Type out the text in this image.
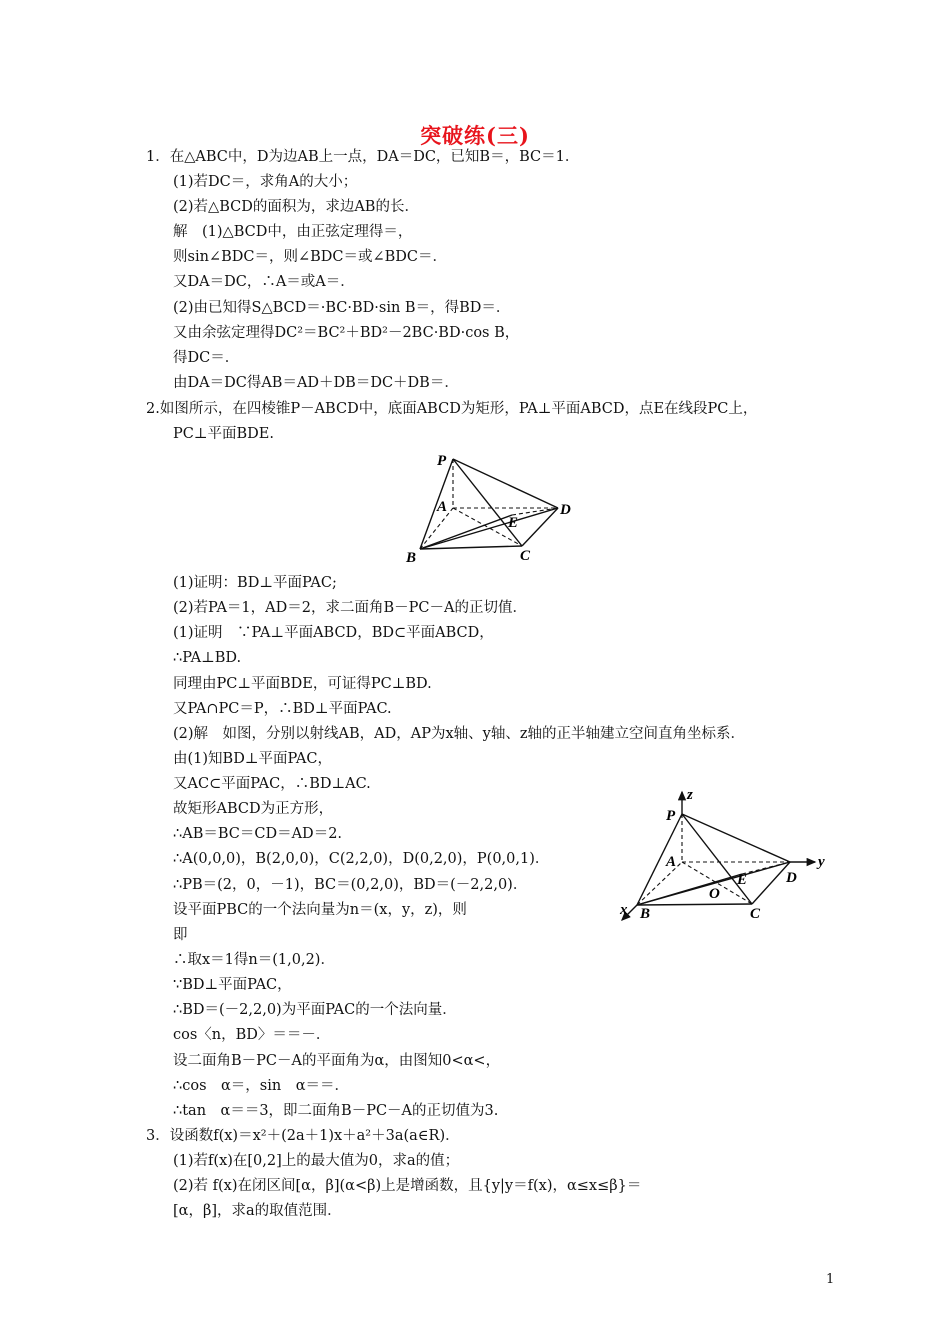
突破练(三)
1．在△ABC中，D为边AB上一点，DA＝DC，已知B＝，BC＝1．
(1)若DC＝，求角A的大小；
(2)若△BCD的面积为，求边AB的长．
解　(1)△BCD中，由正弦定理得＝，
则sin∠BDC＝，则∠BDC＝或∠BDC＝．
又DA＝DC，∴A＝或A＝．
(2)由已知得S△BCD＝·BC·BD·sin B＝，得BD＝．
又由余弦定理得DC²＝BC²＋BD²－2BC·BD·cos B，
得DC＝．
由DA＝DC得AB＝AD＋DB＝DC＋DB＝．
2.如图所示，在四棱锥P－ABCD中，底面ABCD为矩形，PA⊥平面ABCD，点E在线段PC上，
PC⊥平面BDE.
P
A
E
D
B	C
(1)证明：BD⊥平面PAC;
(2)若PA＝1，AD＝2，求二面角B－PC－A的正切值．
(1)证明　∵PA⊥平面ABCD，BD⊂平面ABCD，
∴PA⊥BD.
同理由PC⊥平面BDE，可证得PC⊥BD.
又PA∩PC＝P，∴BD⊥平面PAC.
(2)解　如图，分别以射线AB，AD，AP为x轴、y轴、z轴的正半轴建立空间直角坐标系．
由(1)知BD⊥平面PAC，
又AC⊂平面PAC，∴BD⊥AC.
故矩形ABCD为正方形，
∴AB＝BC＝CD＝AD＝2.
∴A(0,0,0)，B(2,0,0)，C(2,2,0)，D(0,2,0)，P(0,0,1)．
∴PB＝(2，0，－1)，BC＝(0,2,0)，BD＝(－2,2,0)．
设平面PBC的一个法向量为n＝(x，y，z)，则
即
∴取x＝1得n＝(1,0,2)．
∵BD⊥平面PAC，
∴BD＝(－2,2,0)为平面PAC的一个法向量．
cos〈n，BD〉＝＝－．
设二面角B－PC－A的平面角为α，由图知0<α<，
∴cos　α＝，sin　α＝＝．
∴tan　α＝＝3，即二面角B－PC－A的正切值为3.
z
P
A
E
O
D
y
x B	C
3．设函数f(x)＝x²＋(2a＋1)x＋a²＋3a(a∈R)．
(1)若f(x)在[0,2]上的最大值为0，求a的值；
(2)若 f(x)在闭区间[α，β](α<β)上是增函数，且{y|y＝f(x)，α≤x≤β}＝
[α，β]，求a的取值范围．
1
